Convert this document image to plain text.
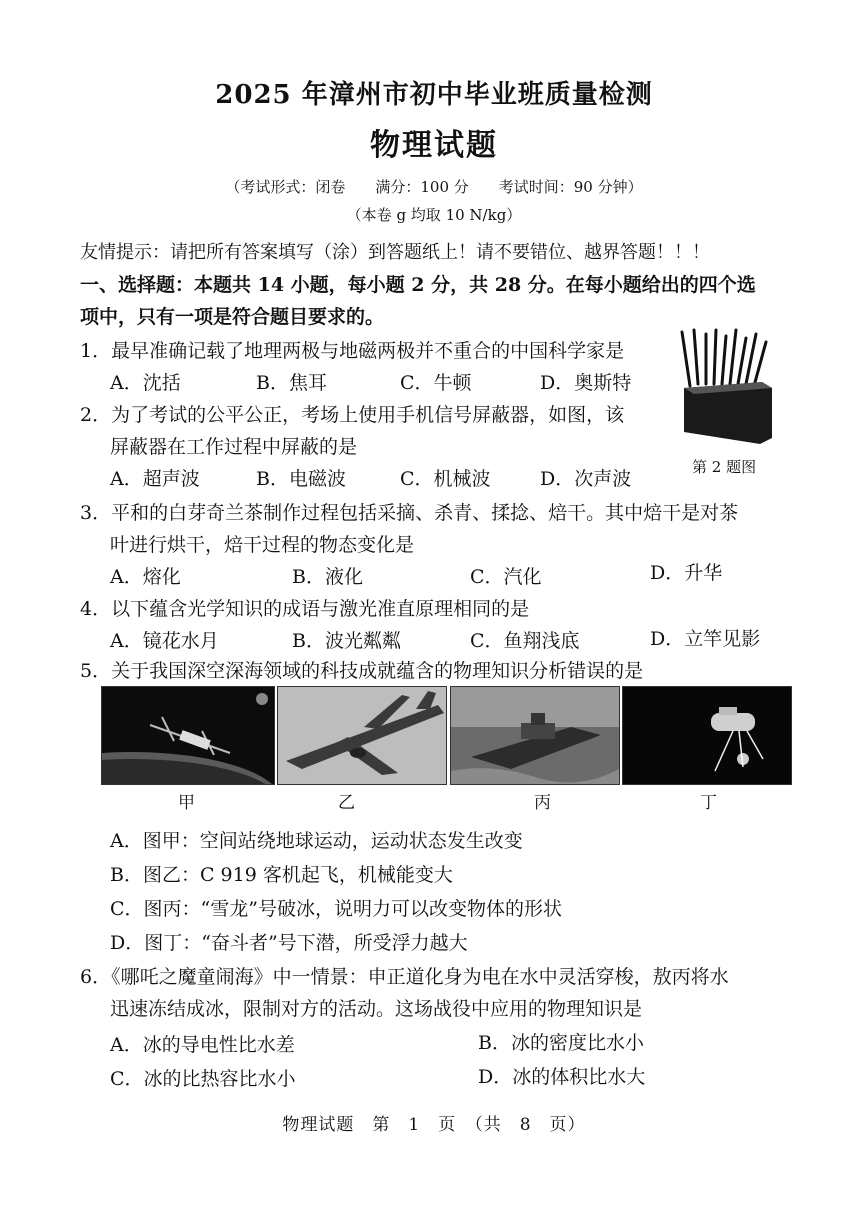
2025 年漳州市初中毕业班质量检测
物理试题
（考试形式：闭卷　　满分：100 分　　考试时间：90 分钟）
（本卷 g 均取 10 N/kg）
友情提示：请把所有答案填写（涂）到答题纸上！请不要错位、越界答题！！！
一、选择题：本题共 14 小题，每小题 2 分，共 28 分。在每小题给出的四个选
项中，只有一项是符合题目要求的。
1．最早准确记载了地理两极与地磁两极并不重合的中国科学家是
A．沈括	B．焦耳	C．牛顿	D．奥斯特
第 2 题图
2．为了考试的公平公正，考场上使用手机信号屏蔽器，如图，该
屏蔽器在工作过程中屏蔽的是
A．超声波	B．电磁波	C．机械波	D．次声波
3．平和的白芽奇兰茶制作过程包括采摘、杀青、揉捻、焙干。其中焙干是对茶
叶进行烘干，焙干过程的物态变化是
A．熔化	B．液化	C．汽化	D．升华
4．以下蕴含光学知识的成语与激光准直原理相同的是
A．镜花水月	B．波光粼粼	C．鱼翔浅底	D．立竿见影
5．关于我国深空深海领域的科技成就蕴含的物理知识分析错误的是
甲	乙	丙	丁
A．图甲：空间站绕地球运动，运动状态发生改变
B．图乙：C 919 客机起飞，机械能变大
C．图丙：“雪龙”号破冰，说明力可以改变物体的形状
D．图丁：“奋斗者”号下潜，所受浮力越大
6．《哪吒之魔童闹海》中一情景：申正道化身为电在水中灵活穿梭，敖丙将水
迅速冻结成冰，限制对方的活动。这场战役中应用的物理知识是
A．冰的导电性比水差	B．冰的密度比水小
C．冰的比热容比水小	D．冰的体积比水大
物理试题　第　1　页　（共　8　页）
